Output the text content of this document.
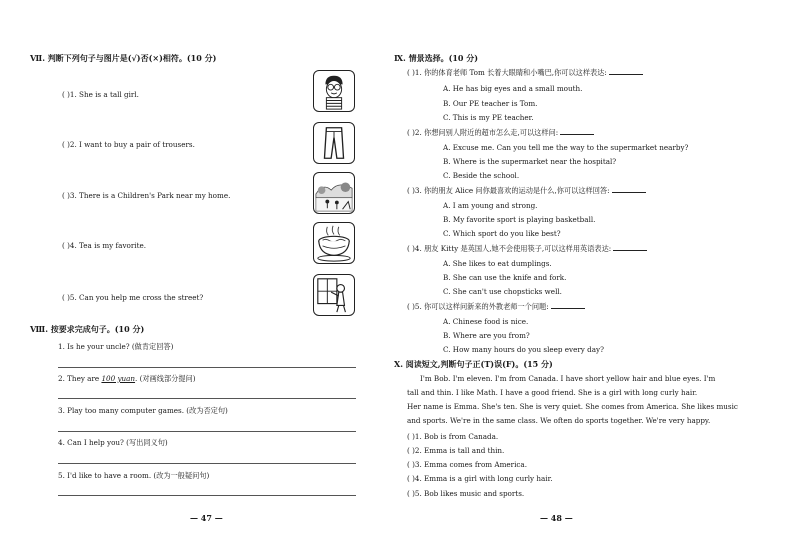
Ⅶ. 判断下列句子与图片是(√)否(×)相符。(10 分)
( )1. She is a tall girl.
( )2. I want to buy a pair of trousers.
( )3. There is a Children's Park near my home.
( )4. Tea is my favorite.
( )5. Can you help me cross the street?
Ⅷ. 按要求完成句子。(10 分)
1. Is he your uncle? (做肯定回答)
2. They are 100 yuan. (对画线部分提问)
3. Play too many computer games. (改为否定句)
4. Can I help you? (写出同义句)
5. I'd like to have a room. (改为一般疑问句)
— 47 —
Ⅸ. 情景选择。(10 分)
( )1. 你的体育老师 Tom 长着大眼睛和小嘴巴,你可以这样表达:
A. He has big eyes and a small mouth.
B. Our PE teacher is Tom.
C. This is my PE teacher.
( )2. 你想问别人附近的超市怎么走,可以这样问:
A. Excuse me. Can you tell me the way to the supermarket nearby?
B. Where is the supermarket near the hospital?
C. Beside the school.
( )3. 你的朋友 Alice 问你最喜欢的运动是什么,你可以这样回答:
A. I am young and strong.
B. My favorite sport is playing basketball.
C. Which sport do you like best?
( )4. 朋友 Kitty 是英国人,她不会使用筷子,可以这样用英语表达:
A. She likes to eat dumplings.
B. She can use the knife and fork.
C. She can't use chopsticks well.
( )5. 你可以这样问新来的外教老师一个问题:
A. Chinese food is nice.
B. Where are you from?
C. How many hours do you sleep every day?
Ⅹ. 阅读短文,判断句子正(T)误(F)。(15 分)
I'm Bob. I'm eleven. I'm from Canada. I have short yellow hair and blue eyes. I'm
tall and thin. I like Math. I have a good friend. She is a girl with long curly hair.
Her name is Emma. She's ten. She is very quiet. She comes from America. She likes music
and sports. We're in the same class. We often do sports together. We're very happy.
( )1. Bob is from Canada.
( )2. Emma is tall and thin.
( )3. Emma comes from America.
( )4. Emma is a girl with long curly hair.
( )5. Bob likes music and sports.
— 48 —
